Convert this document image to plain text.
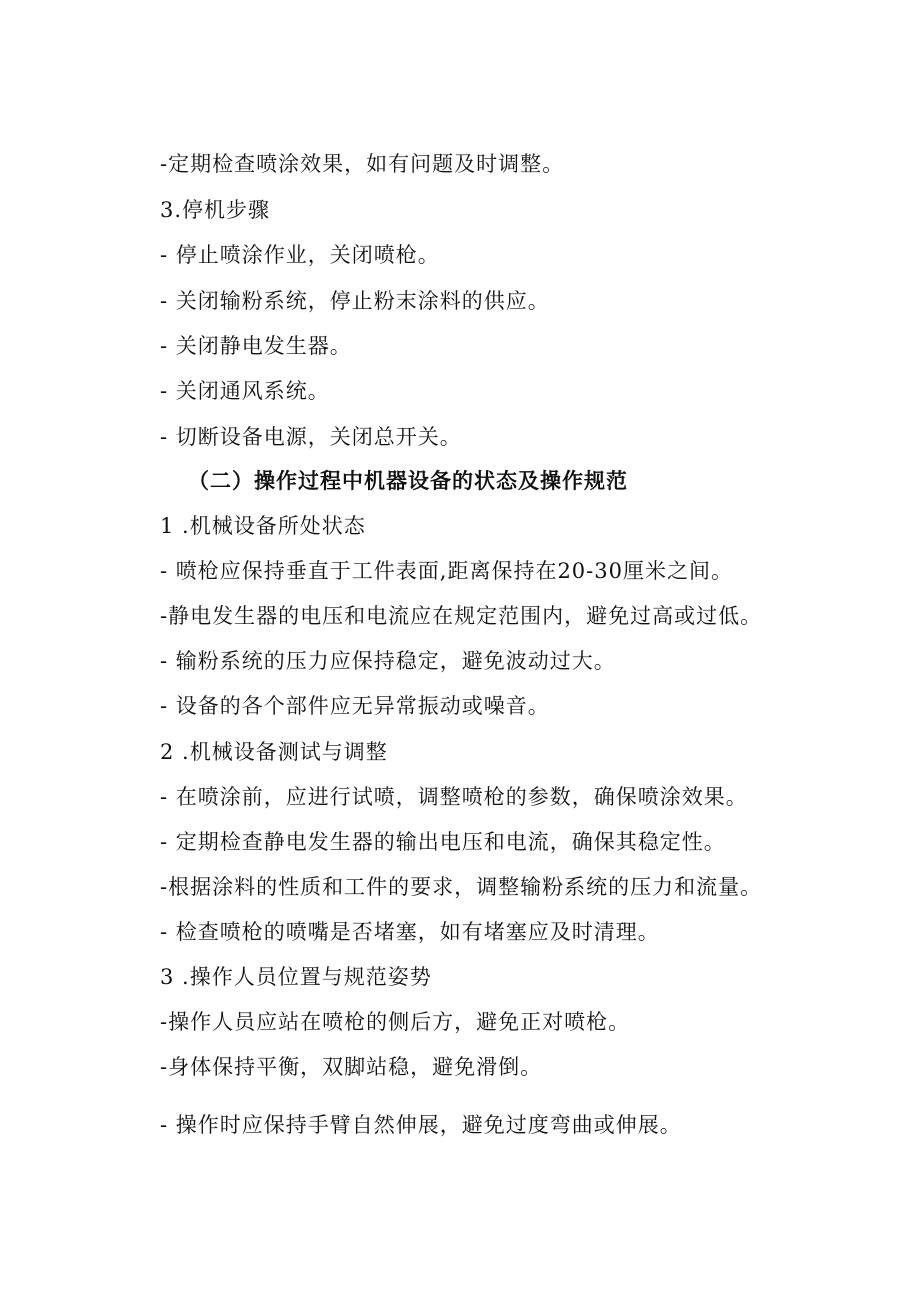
-定期检查喷涂效果，如有问题及时调整。
3.停机步骤
- 停止喷涂作业，关闭喷枪。
- 关闭输粉系统，停止粉末涂料的供应。
- 关闭静电发生器。
- 关闭通风系统。
- 切断设备电源，关闭总开关。
（二）操作过程中机器设备的状态及操作规范
1 .机械设备所处状态
- 喷枪应保持垂直于工件表面,距离保持在20-30厘米之间。
-静电发生器的电压和电流应在规定范围内，避免过高或过低。
- 输粉系统的压力应保持稳定，避免波动过大。
- 设备的各个部件应无异常振动或噪音。
2 .机械设备测试与调整
- 在喷涂前，应进行试喷，调整喷枪的参数，确保喷涂效果。
- 定期检查静电发生器的输出电压和电流，确保其稳定性。
-根据涂料的性质和工件的要求，调整输粉系统的压力和流量。
- 检查喷枪的喷嘴是否堵塞，如有堵塞应及时清理。
3 .操作人员位置与规范姿势
-操作人员应站在喷枪的侧后方，避免正对喷枪。
-身体保持平衡，双脚站稳，避免滑倒。
- 操作时应保持手臂自然伸展，避免过度弯曲或伸展。
